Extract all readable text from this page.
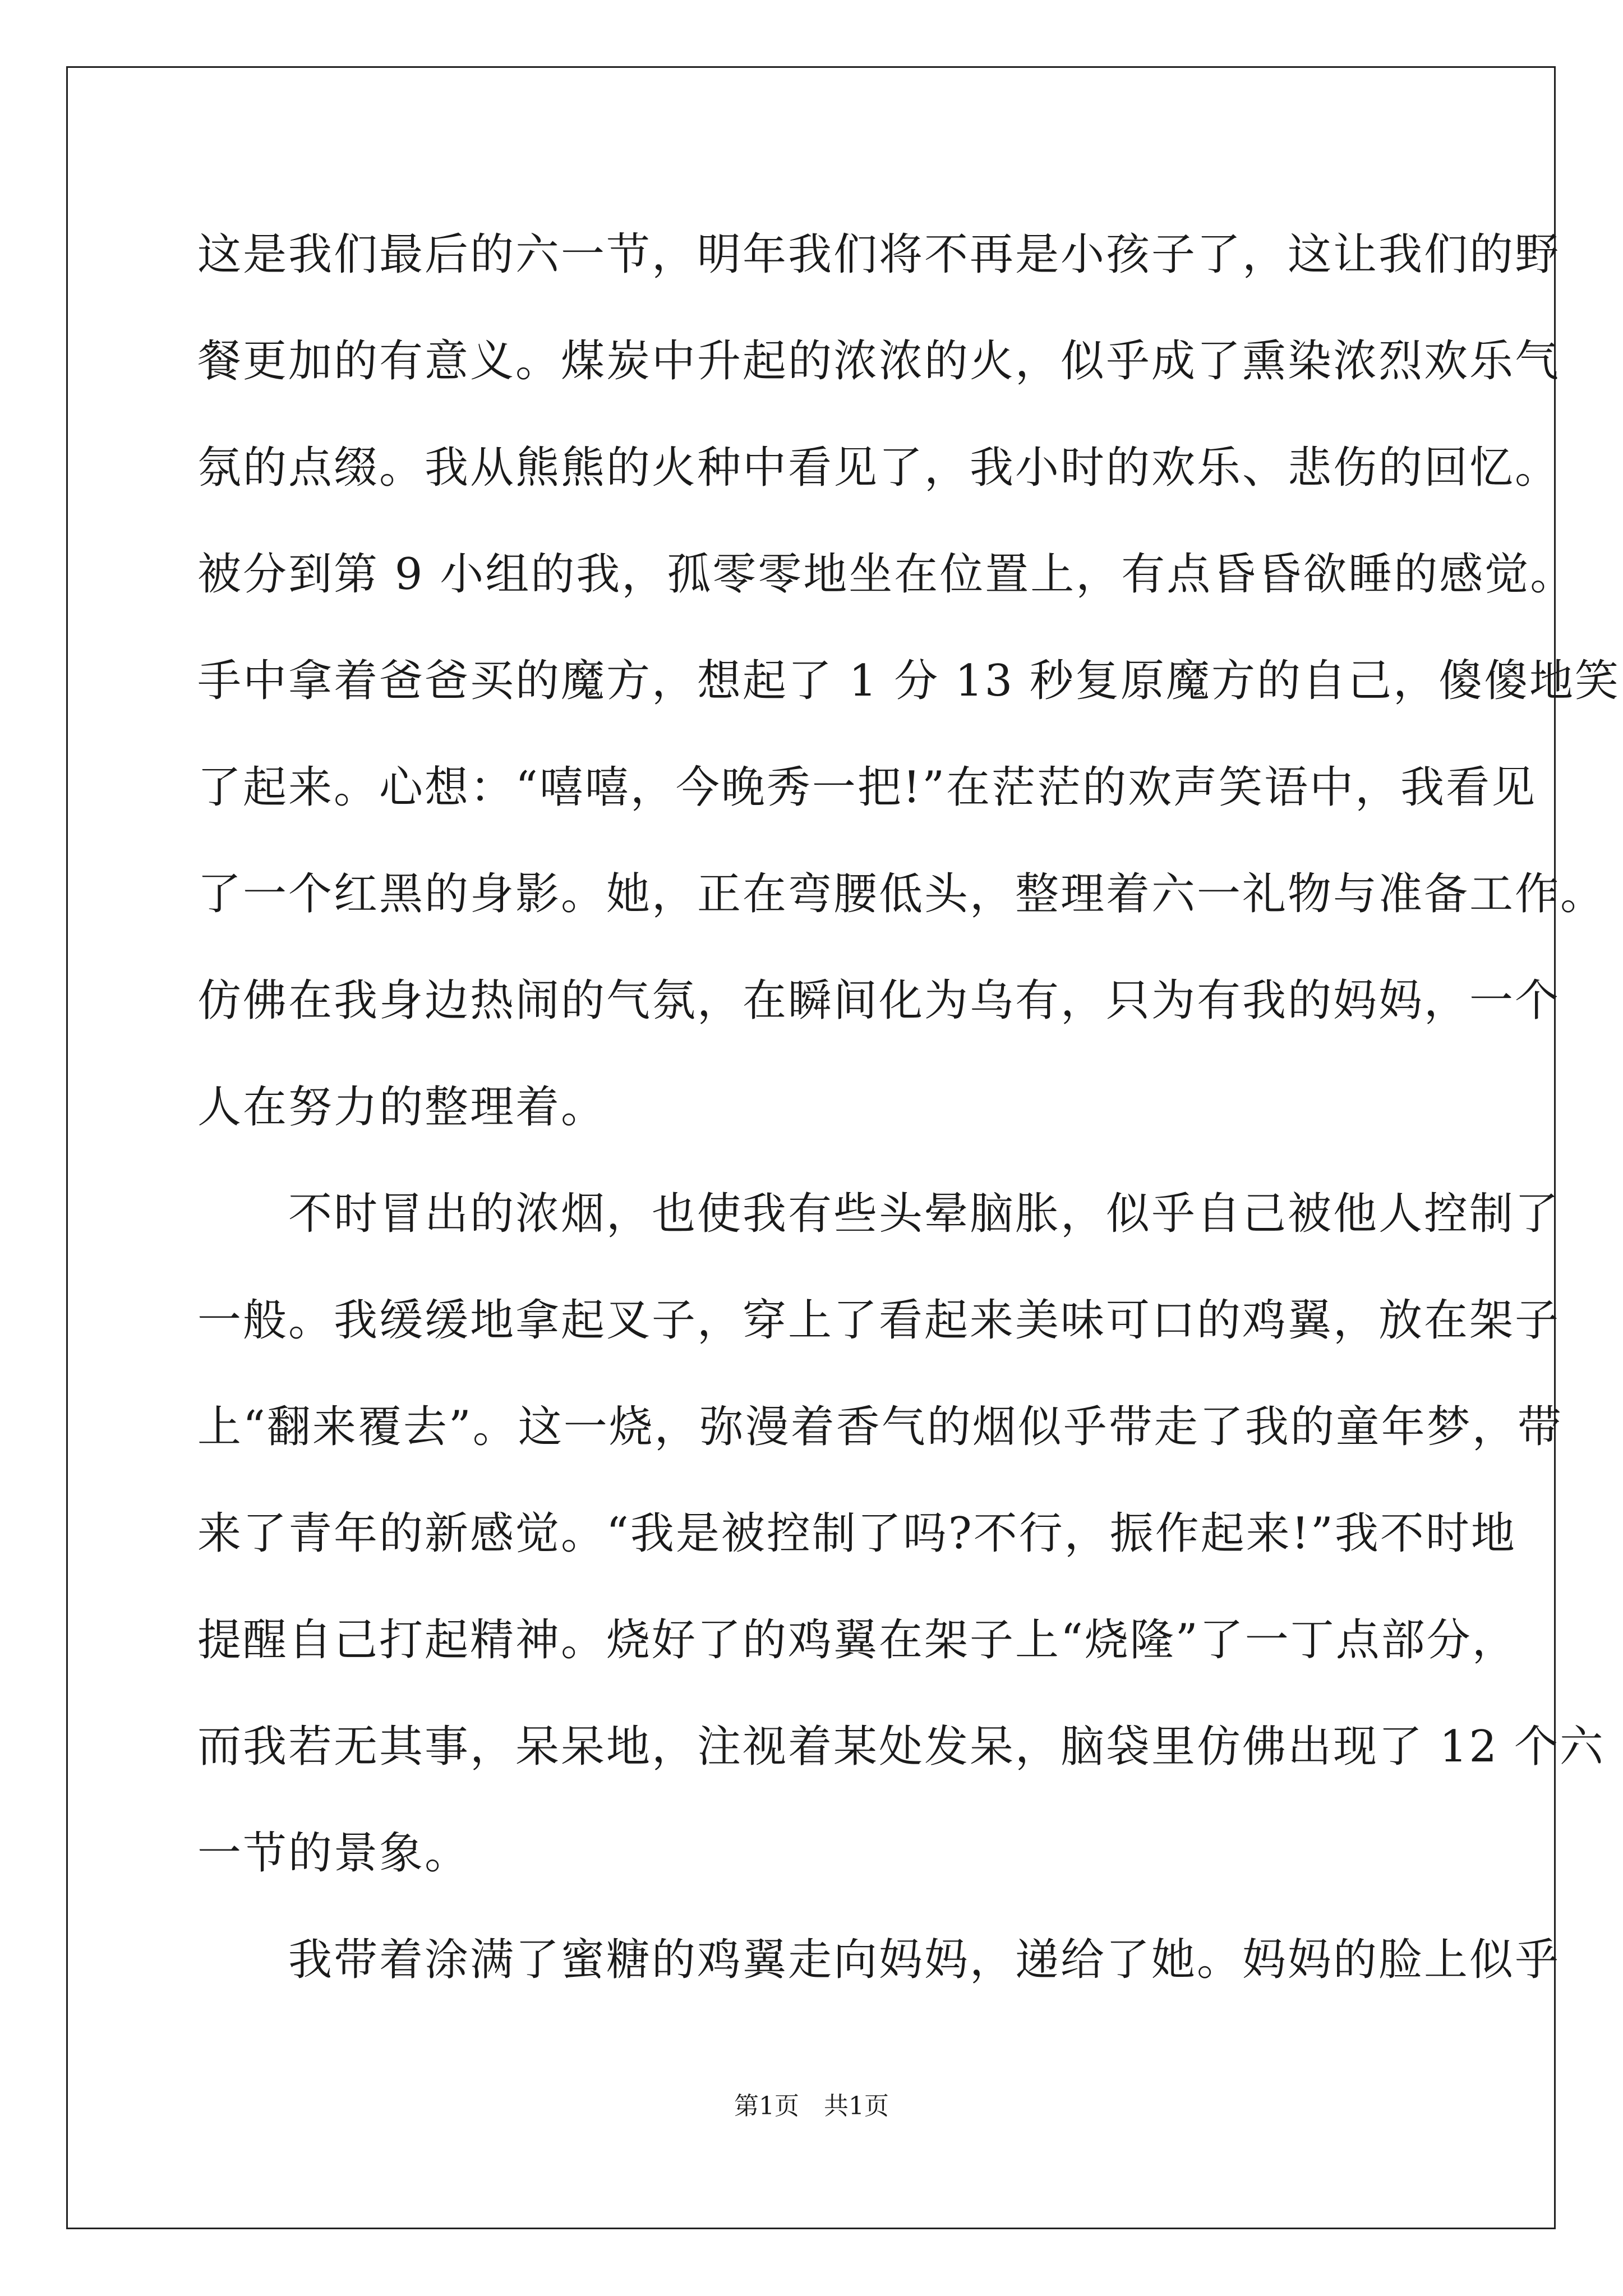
这是我们最后的六一节，明年我们将不再是小孩子了，这让我们的野
餐更加的有意义。煤炭中升起的浓浓的火，似乎成了熏染浓烈欢乐气
氛的点缀。我从熊熊的火种中看见了，我小时的欢乐、悲伤的回忆。
被分到第 9 小组的我，孤零零地坐在位置上，有点昏昏欲睡的感觉。
手中拿着爸爸买的魔方，想起了 1 分 13 秒复原魔方的自己，傻傻地笑
了起来。心想：“嘻嘻，今晚秀一把!”在茫茫的欢声笑语中，我看见
了一个红黑的身影。她，正在弯腰低头，整理着六一礼物与准备工作。
仿佛在我身边热闹的气氛，在瞬间化为乌有，只为有我的妈妈，一个
人在努力的整理着。
　　不时冒出的浓烟，也使我有些头晕脑胀，似乎自己被他人控制了
一般。我缓缓地拿起叉子，穿上了看起来美味可口的鸡翼，放在架子
上“翻来覆去”。这一烧，弥漫着香气的烟似乎带走了我的童年梦，带
来了青年的新感觉。“我是被控制了吗?不行，振作起来!”我不时地
提醒自己打起精神。烧好了的鸡翼在架子上“烧隆”了一丁点部分，
而我若无其事，呆呆地，注视着某处发呆，脑袋里仿佛出现了 12 个六
一节的景象。
　　我带着涂满了蜜糖的鸡翼走向妈妈，递给了她。妈妈的脸上似乎
第1页　共1页
